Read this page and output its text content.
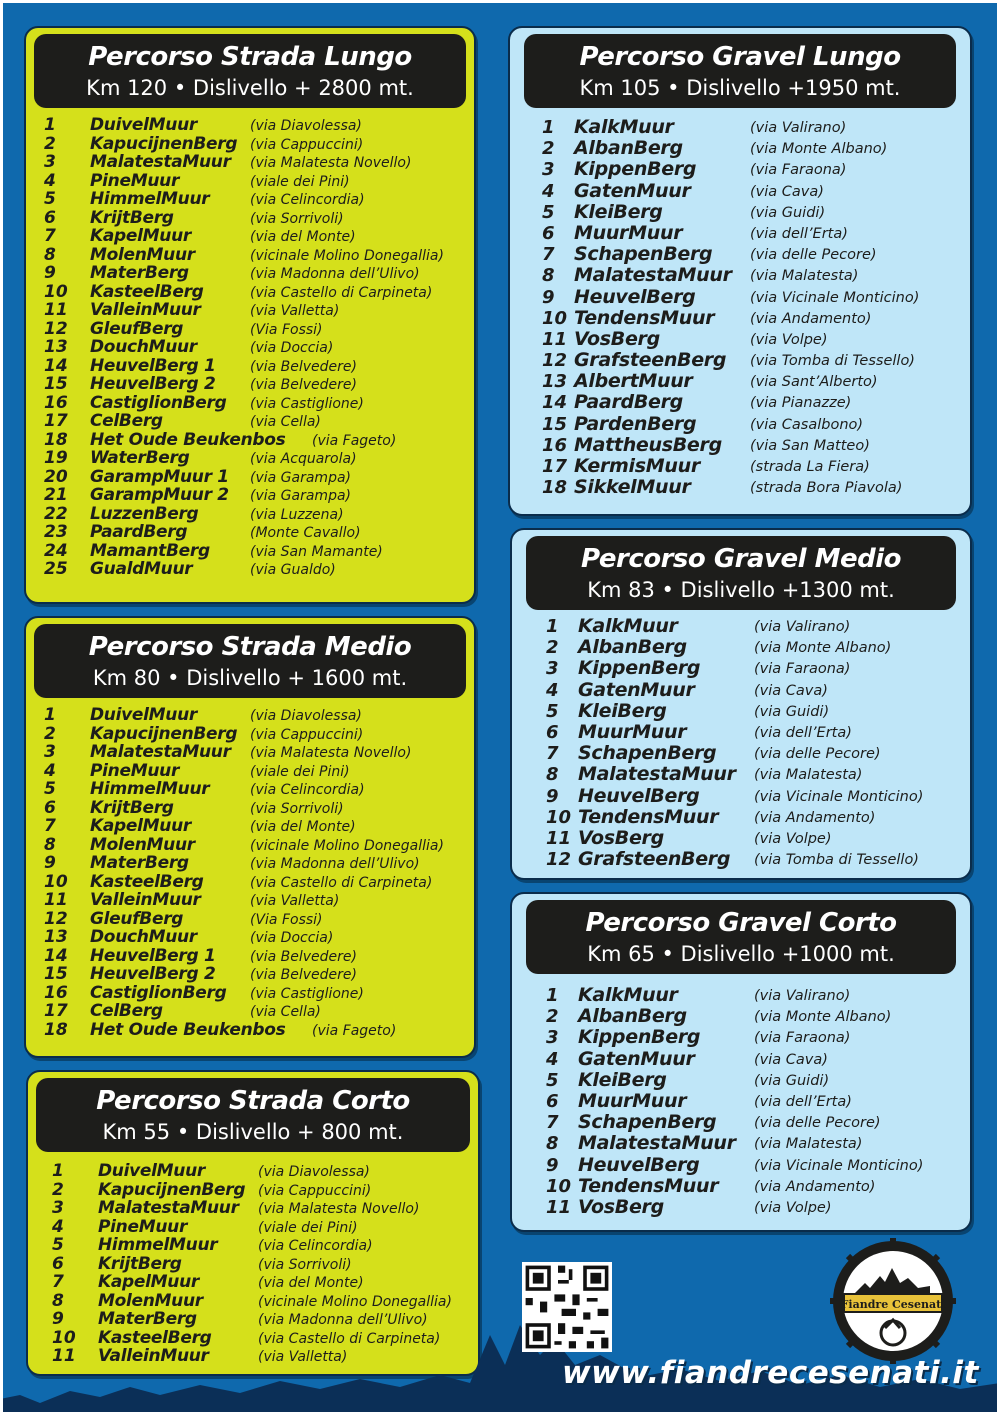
Percorso Strada Lungo
Km 120 • Dislivello + 2800 mt.
1 DuivelMuur	(via Diavolessa)
2 KapucijnenBerg (via Cappuccini)
3 MalatestaMuur (via Malatesta Novello)
4 PineMuur	(viale dei Pini)
5 HimmelMuur	(via Celincordia)
6 KrijtBerg	(via Sorrivoli)
7 KapelMuur	(via del Monte)
8 MolenMuur	(vicinale Molino Donegallia)
9 MaterBerg	(via Madonna dell’Ulivo)
10 KasteelBerg	(via Castello di Carpineta)
11 ValleinMuur	(via Valletta)
12 GleufBerg	(Via Fossi)
13 DouchMuur	(via Doccia)
14 HeuvelBerg 1 (via Belvedere)
15 HeuvelBerg 2 (via Belvedere)
16 CastiglionBerg (via Castiglione)
17 CelBerg	(via Cella)
18 Het Oude Beukenbos (via Fageto)
19 WaterBerg	(via Acquarola)
20 GarampMuur 1 (via Garampa)
21 GarampMuur 2 (via Garampa)
22 LuzzenBerg	(via Luzzena)
23 PaardBerg	(Monte Cavallo)
24 MamantBerg	(via San Mamante)
25 GualdMuur	(via Gualdo)
Percorso Strada Medio
Km 80 • Dislivello + 1600 mt.
1 DuivelMuur	(via Diavolessa)
2 KapucijnenBerg (via Cappuccini)
3 MalatestaMuur (via Malatesta Novello)
4 PineMuur	(viale dei Pini)
5 HimmelMuur	(via Celincordia)
6 KrijtBerg	(via Sorrivoli)
7 KapelMuur	(via del Monte)
8 MolenMuur	(vicinale Molino Donegallia)
9 MaterBerg	(via Madonna dell’Ulivo)
10 KasteelBerg	(via Castello di Carpineta)
11 ValleinMuur	(via Valletta)
12 GleufBerg	(Via Fossi)
13 DouchMuur	(via Doccia)
14 HeuvelBerg 1 (via Belvedere)
15 HeuvelBerg 2 (via Belvedere)
16 CastiglionBerg (via Castiglione)
17 CelBerg	(via Cella)
18 Het Oude Beukenbos (via Fageto)
Percorso Strada Corto
Km 55 • Dislivello + 800 mt.
1 DuivelMuur	(via Diavolessa)
2 KapucijnenBerg (via Cappuccini)
3 MalatestaMuur (via Malatesta Novello)
4 PineMuur	(viale dei Pini)
5 HimmelMuur	(via Celincordia)
6 KrijtBerg	(via Sorrivoli)
7 KapelMuur	(via del Monte)
8 MolenMuur	(vicinale Molino Donegallia)
9 MaterBerg	(via Madonna dell’Ulivo)
10 KasteelBerg	(via Castello di Carpineta)
11 ValleinMuur	(via Valletta)
Percorso Gravel Lungo
Km 105 • Dislivello +1950 mt.
1 KalkMuur	(via Valirano)
2 AlbanBerg	(via Monte Albano)
3 KippenBerg	(via Faraona)
4 GatenMuur	(via Cava)
5 KleiBerg	(via Guidi)
6 MuurMuur	(via dell’Erta)
7 SchapenBerg	(via delle Pecore)
8 MalatestaMuur (via Malatesta)
9 HeuvelBerg	(via Vicinale Monticino)
10 TendensMuur (via Andamento)
11 VosBerg	(via Volpe)
12 GrafsteenBerg (via Tomba di Tessello)
13 AlbertMuur	(via Sant’Alberto)
14 PaardBerg	(via Pianazze)
15 PardenBerg	(via Casalbono)
16 MattheusBerg (via San Matteo)
17 KermisMuur	(strada La Fiera)
18 SikkelMuur	(strada Bora Piavola)
Percorso Gravel Medio
Km 83 • Dislivello +1300 mt.
1 KalkMuur	(via Valirano)
2 AlbanBerg	(via Monte Albano)
3 KippenBerg	(via Faraona)
4 GatenMuur	(via Cava)
5 KleiBerg	(via Guidi)
6 MuurMuur	(via dell’Erta)
7 SchapenBerg	(via delle Pecore)
8 MalatestaMuur (via Malatesta)
9 HeuvelBerg	(via Vicinale Monticino)
10 TendensMuur (via Andamento)
11 VosBerg	(via Volpe)
12 GrafsteenBerg (via Tomba di Tessello)
Percorso Gravel Corto
Km 65 • Dislivello +1000 mt.
1 KalkMuur	(via Valirano)
2 AlbanBerg	(via Monte Albano)
3 KippenBerg	(via Faraona)
4 GatenMuur	(via Cava)
5 KleiBerg	(via Guidi)
6 MuurMuur	(via dell’Erta)
7 SchapenBerg	(via delle Pecore)
8 MalatestaMuur (via Malatesta)
9 HeuvelBerg	(via Vicinale Monticino)
10 TendensMuur (via Andamento)
11 VosBerg	(via Volpe)
Fiandre Cesenati
www.fiandrecesenati.it
